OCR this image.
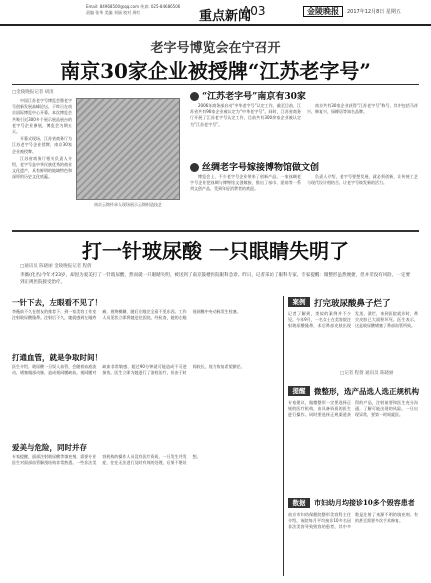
Email: 84968500@qq.com 传真: 025-84686506
责编 张华 美编 刘丽 校对 周红	重点新闻
A03	金陵晚报	2017年12月8日 星期五
老字号博览会在宁召开
南京30家企业被授牌“江苏老字号”
□金陵晚报记者 胡清

中国江苏老字号博览会暨老字号创新发展高峰论坛，于昨日在南京国际博览中心开幕。本次博览会共吸引近300多个展示展品展台的老字号企业参展，博览会为期五天。

开幕式现场，江苏省商务厅为江苏老字号企业授牌，南京30家企业被授牌。

江苏省商务厅相关负责人介绍，老字号是中华民族优秀的商业文化遗产，具有鲜明的地域特色和深厚的历史文化底蕴。

南京云锦传承人现场展示云锦织造技艺
“江苏老字号”南京有30家

2006年商务部启动“中华老字号”认定工作，截至目前，江苏省共有96家企业被认定为“中华老字号”。同时，江苏省商务厅开展了江苏老字号认定工作，目前共有300余家企业被认定为“江苏老字号”。

南京共有30家企业获得“江苏老字号”称号，其中包括马祥兴、韩复兴、绿柳居等知名品牌。

丝绸老字号嫁接博物馆做文创

博览会上，不少老字号企业带来了创新产品。一家丝绸老字号企业把丝绸与博物馆文创嫁接，推出了丝巾、团扇等一系列文创产品，受到年轻消费者的欢迎。

负责人介绍，老字号要想发展，就必须创新，让传统工艺与现代设计相结合，让老字号焕发新的活力。

打一针玻尿酸 一只眼睛失明了
□通讯员 陈晓丽 金陵晚报记者 程倩
李薇(化名)今年才23岁，却因为爱美打了一针玻尿酸，然而就一只眼睛失明，被送到了南京鼓楼医院眼科急诊。昨日，记者采访了眼科专家，专家提醒：微整形虽然便捷，但并非没有风险，一定要到正规医院接受治疗。
一针下去，左眼看不见了！
李薇前不久在朋友的推荐下，到一家美容工作室注射玻尿酸隆鼻。注射后不久，她就感到左眼疼痛，视物模糊，随后左眼完全看不见东西。工作人员见状立即将她送往医院。经检查，她的左眼视网膜中央动脉发生栓塞。
打通血管，就是争取时间！
医生介绍，玻尿酸一旦误入血管，会随着血液流动，堵塞眼部动脉，造成视网膜缺血。视网膜对缺血非常敏感，超过90分钟就可能造成不可逆损伤。医生立即为她进行了溶栓治疗，但由于时间较长，视力恢复希望渺茫。
爱美与危险，同时并存
专家提醒，面部注射玻尿酸等填充剂，需要专业医生对面部血管解剖结构非常熟悉。一些非法美容机构的操作人员没有医疗资质，一旦发生并发症，往往无法进行及时有效的处理，后果不堪设想。
案例	打完玻尿酸鼻子烂了
记者了解到，类似的案例并不少见。今年9月，一名女士在美容院注射玻尿酸隆鼻，术后鼻部皮肤出现发黑、溃烂，来到医院就诊时，鼻尖皮肤已大面积坏死。医生表示，这是玻尿酸堵塞了鼻部血管所致。
□记者 程倩 通讯员 陈晓丽
提醒	微整形，选产品选人选正规机构
专家建议，做微整形一定要选择正规的医疗机构，由具备资质的医生进行操作。同时要选择正规渠道获得的产品，注射前要和医生充分沟通，了解可能出现的风险。一旦出现异常，要第一时间就医。
数据	市妇幼月均接诊10多个毁容患者
南京市妇幼保健院整形美容科主任介绍，该院每月平均接诊10多名因非法美容导致毁容的患者，其中多数是注射了来源不明的填充剂，有的甚至需要多次手术修复。
